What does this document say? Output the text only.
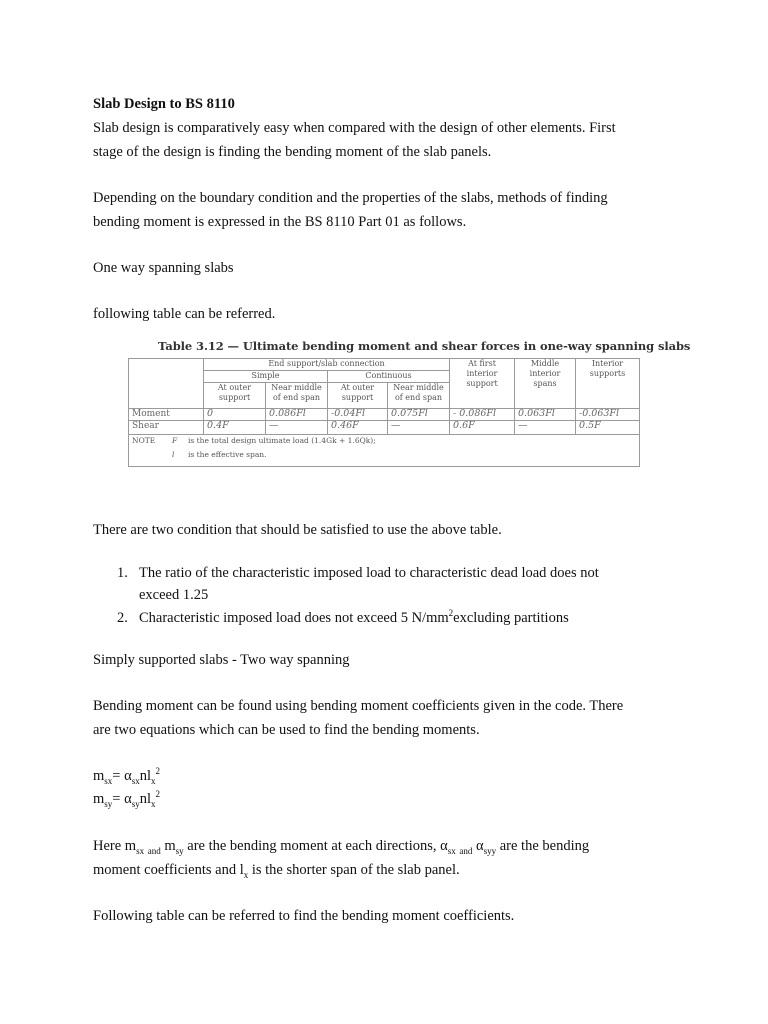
Slab Design to BS 8110
Slab design is comparatively easy when compared with the design of other elements. First
stage of the design is finding the bending moment of the slab panels.
Depending on the boundary condition and the properties of the slabs, methods of finding
bending moment is expressed in the BS 8110 Part 01 as follows.
One way spanning slabs
following table can be referred.
Table 3.12 — Ultimate bending moment and shear forces in one-way spanning slabs
	End support/slab connection				At first interior support	Middle interior spans	Interior supports
	Simple		Continuous				
	At outer support	Near middle of end span	At outer support	Near middle of end span			
Moment	0	0.086Fl	-0.04Fl	0.075Fl	- 0.086Fl	0.063Fl	-0.063Fl
Shear	0.4F	—	0.46F	—	0.6F	—	0.5F

NOTE F is the total design ultimate load (1.4Gk + 1.6Qk);
l is the effective span.							
There are two condition that should be satisfied to use the above table.
1. The ratio of the characteristic imposed load to characteristic dead load does not
exceed 1.25
2. Characteristic imposed load does not exceed 5 $N/mm^2excluding$ partitions
Simply supported slabs - Two way spanning
Bending moment can be found using bending moment coefficients given in the code. There
are two equations which can be used to find the bending moments.
$m_{sx}= \alpha_{sx}nl_x^2$
$m_{sy}= \alpha_{sy}nl_x^2$
Here $m_{sx}$ $_{and}$ $m_{sy}$ are the bending moment at each directions, $\alpha_{sx}$ $_{and}$ $\alpha_{syy}$ are the bending
moment coefficients and $l_x$ is the shorter span of the slab panel.
Following table can be referred to find the bending moment coefficients.
